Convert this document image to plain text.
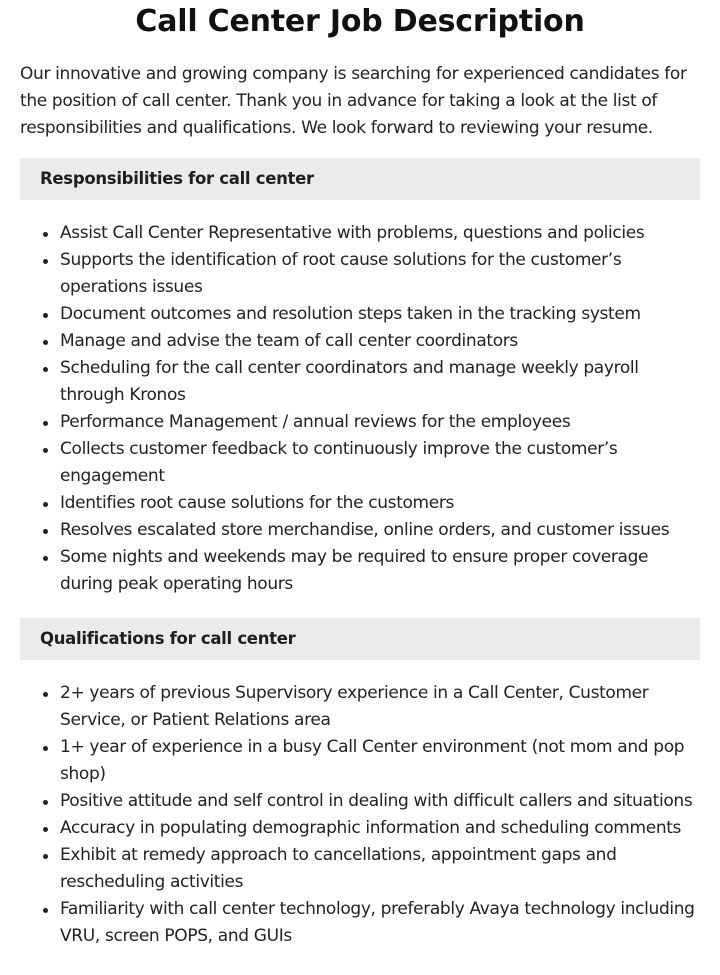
Call Center Job Description

Our innovative and growing company is searching for experienced candidates for the position of call center. Thank you in advance for taking a look at the list of responsibilities and qualifications. We look forward to reviewing your resume.

Responsibilities for call center
Assist Call Center Representative with problems, questions and policies
Supports the identification of root cause solutions for the customer’s operations issues
Document outcomes and resolution steps taken in the tracking system
Manage and advise the team of call center coordinators
Scheduling for the call center coordinators and manage weekly payroll through Kronos
Performance Management / annual reviews for the employees
Collects customer feedback to continuously improve the customer’s engagement
Identifies root cause solutions for the customers
Resolves escalated store merchandise, online orders, and customer issues
Some nights and weekends may be required to ensure proper coverage during peak operating hours
Qualifications for call center
2+ years of previous Supervisory experience in a Call Center, Customer Service, or Patient Relations area
1+ year of experience in a busy Call Center environment (not mom and pop shop)
Positive attitude and self control in dealing with difficult callers and situations
Accuracy in populating demographic information and scheduling comments
Exhibit at remedy approach to cancellations, appointment gaps and rescheduling activities
Familiarity with call center technology, preferably Avaya technology including VRU, screen POPS, and GUIs
